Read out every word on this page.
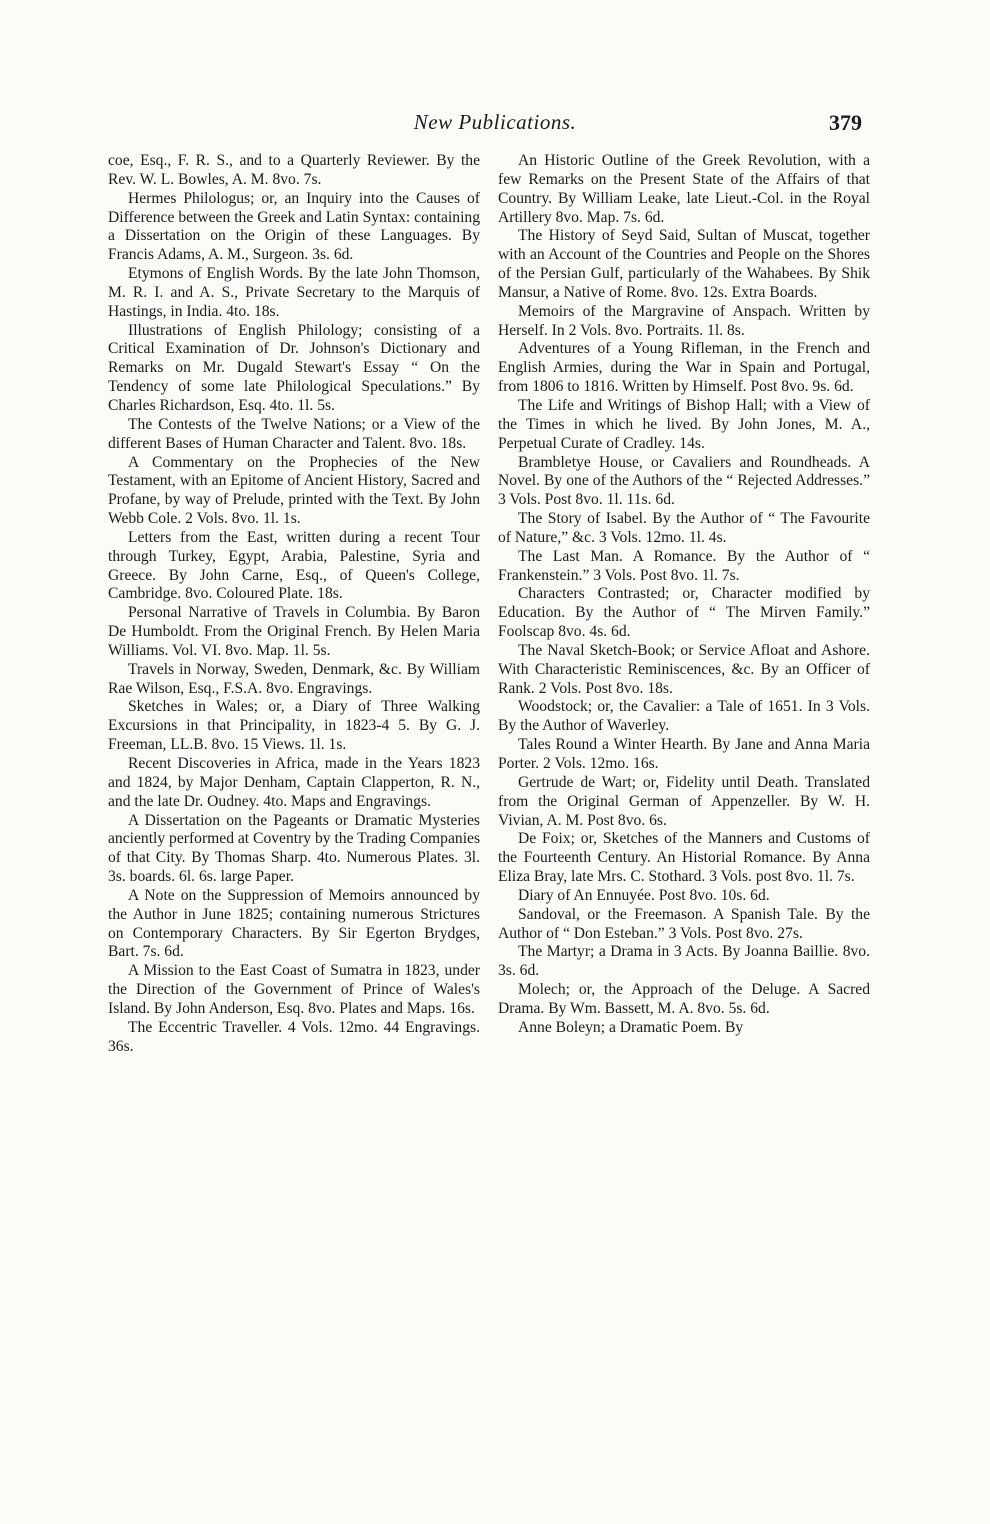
New Publications.	379

coe, Esq., F. R. S., and to a Quarterly Reviewer. By the Rev. W. L. Bowles, A. M. 8vo. 7s.

Hermes Philologus; or, an Inquiry into the Causes of Difference between the Greek and Latin Syntax: containing a Dissertation on the Origin of these Languages. By Francis Adams, A. M., Surgeon. 3s. 6d.

Etymons of English Words. By the late John Thomson, M. R. I. and A. S., Private Secretary to the Marquis of Hastings, in India. 4to. 18s.

Illustrations of English Philology; consisting of a Critical Examination of Dr. Johnson's Dictionary and Remarks on Mr. Dugald Stewart's Essay “ On the Tendency of some late Philological Speculations.” By Charles Richardson, Esq. 4to. 1l. 5s.

The Contests of the Twelve Nations; or a View of the different Bases of Human Character and Talent. 8vo. 18s.

A Commentary on the Prophecies of the New Testament, with an Epitome of Ancient History, Sacred and Profane, by way of Prelude, printed with the Text. By John Webb Cole. 2 Vols. 8vo. 1l. 1s.

Letters from the East, written during a recent Tour through Turkey, Egypt, Arabia, Palestine, Syria and Greece. By John Carne, Esq., of Queen's College, Cambridge. 8vo. Coloured Plate. 18s.

Personal Narrative of Travels in Columbia. By Baron De Humboldt. From the Original French. By Helen Maria Williams. Vol. VI. 8vo. Map. 1l. 5s.

Travels in Norway, Sweden, Denmark, &c. By William Rae Wilson, Esq., F.S.A. 8vo. Engravings.

Sketches in Wales; or, a Diary of Three Walking Excursions in that Principality, in 1823-4 5. By G. J. Freeman, LL.B. 8vo. 15 Views. 1l. 1s.

Recent Discoveries in Africa, made in the Years 1823 and 1824, by Major Denham, Captain Clapperton, R. N., and the late Dr. Oudney. 4to. Maps and Engravings.

A Dissertation on the Pageants or Dramatic Mysteries anciently performed at Coventry by the Trading Companies of that City. By Thomas Sharp. 4to. Numerous Plates. 3l. 3s. boards. 6l. 6s. large Paper.

A Note on the Suppression of Memoirs announced by the Author in June 1825; containing numerous Strictures on Contemporary Characters. By Sir Egerton Brydges, Bart. 7s. 6d.

A Mission to the East Coast of Sumatra in 1823, under the Direction of the Government of Prince of Wales's Island. By John Anderson, Esq. 8vo. Plates and Maps. 16s.

The Eccentric Traveller. 4 Vols. 12mo. 44 Engravings. 36s.

An Historic Outline of the Greek Revolution, with a few Remarks on the Present State of the Affairs of that Country. By William Leake, late Lieut.-Col. in the Royal Artillery 8vo. Map. 7s. 6d.

The History of Seyd Said, Sultan of Muscat, together with an Account of the Countries and People on the Shores of the Persian Gulf, particularly of the Wahabees. By Shik Mansur, a Native of Rome. 8vo. 12s. Extra Boards.

Memoirs of the Margravine of Anspach. Written by Herself. In 2 Vols. 8vo. Portraits. 1l. 8s.

Adventures of a Young Rifleman, in the French and English Armies, during the War in Spain and Portugal, from 1806 to 1816. Written by Himself. Post 8vo. 9s. 6d.

The Life and Writings of Bishop Hall; with a View of the Times in which he lived. By John Jones, M. A., Perpetual Curate of Cradley. 14s.

Brambletye House, or Cavaliers and Roundheads. A Novel. By one of the Authors of the “ Rejected Addresses.” 3 Vols. Post 8vo. 1l. 11s. 6d.

The Story of Isabel. By the Author of “ The Favourite of Nature,” &c. 3 Vols. 12mo. 1l. 4s.

The Last Man. A Romance. By the Author of “ Frankenstein.” 3 Vols. Post 8vo. 1l. 7s.

Characters Contrasted; or, Character modified by Education. By the Author of “ The Mirven Family.” Foolscap 8vo. 4s. 6d.

The Naval Sketch-Book; or Service Afloat and Ashore. With Characteristic Reminiscences, &c. By an Officer of Rank. 2 Vols. Post 8vo. 18s.

Woodstock; or, the Cavalier: a Tale of 1651. In 3 Vols. By the Author of Waverley.

Tales Round a Winter Hearth. By Jane and Anna Maria Porter. 2 Vols. 12mo. 16s.

Gertrude de Wart; or, Fidelity until Death. Translated from the Original German of Appenzeller. By W. H. Vivian, A. M. Post 8vo. 6s.

De Foix; or, Sketches of the Manners and Customs of the Fourteenth Century. An Historial Romance. By Anna Eliza Bray, late Mrs. C. Stothard. 3 Vols. post 8vo. 1l. 7s.

Diary of An Ennuyée. Post 8vo. 10s. 6d.

Sandoval, or the Freemason. A Spanish Tale. By the Author of “ Don Esteban.” 3 Vols. Post 8vo. 27s.

The Martyr; a Drama in 3 Acts. By Joanna Baillie. 8vo. 3s. 6d.

Molech; or, the Approach of the Deluge. A Sacred Drama. By Wm. Bassett, M. A. 8vo. 5s. 6d.

Anne Boleyn; a Dramatic Poem. By
